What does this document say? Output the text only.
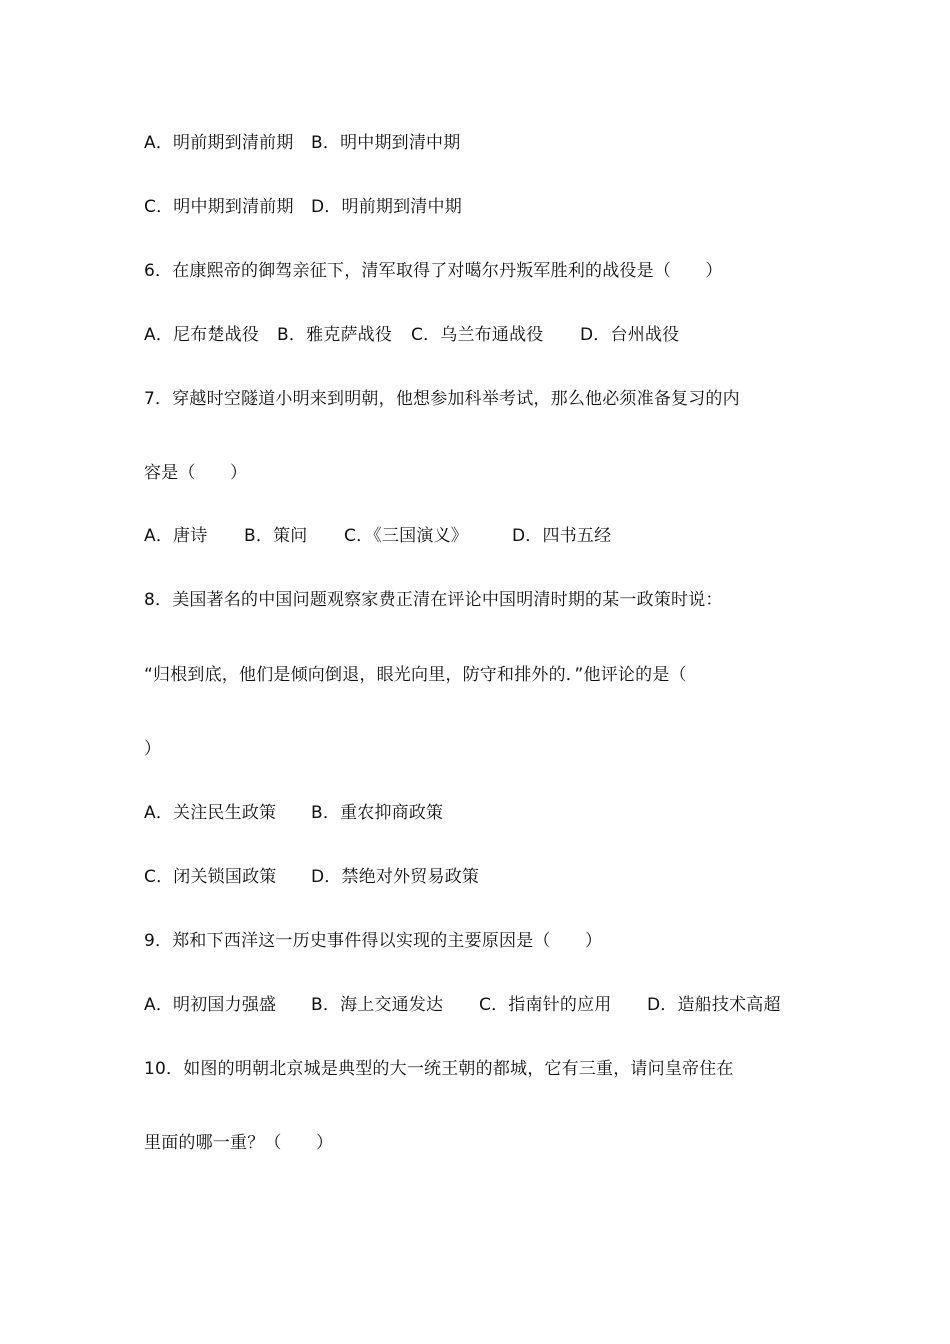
A．明前期到清前期 B．明中期到清中期
C．明中期到清前期 D．明前期到清中期
6．在康熙帝的御驾亲征下，清军取得了对噶尔丹叛军胜利的战役是（　　）
A．尼布楚战役 B．雅克萨战役 C．乌兰布通战役 D．台州战役
7．穿越时空隧道小明来到明朝，他想参加科举考试，那么他必须准备复习的内
容是（　　）
A．唐诗 B．策问 C．《三国演义》	D．四书五经
8．美国著名的中国问题观察家费正清在评论中国明清时期的某一政策时说：
“归根到底，他们是倾向倒退，眼光向里，防守和排外的．”他评论的是（
）
A．关注民生政策 B．重农抑商政策
C．闭关锁国政策 D．禁绝对外贸易政策
9．郑和下西洋这一历史事件得以实现的主要原因是（　　）
A．明初国力强盛 B．海上交通发达 C．指南针的应用 D．造船技术高超
10．如图的明朝北京城是典型的大一统王朝的都城，它有三重，请问皇帝住在
里面的哪一重？（　　）
